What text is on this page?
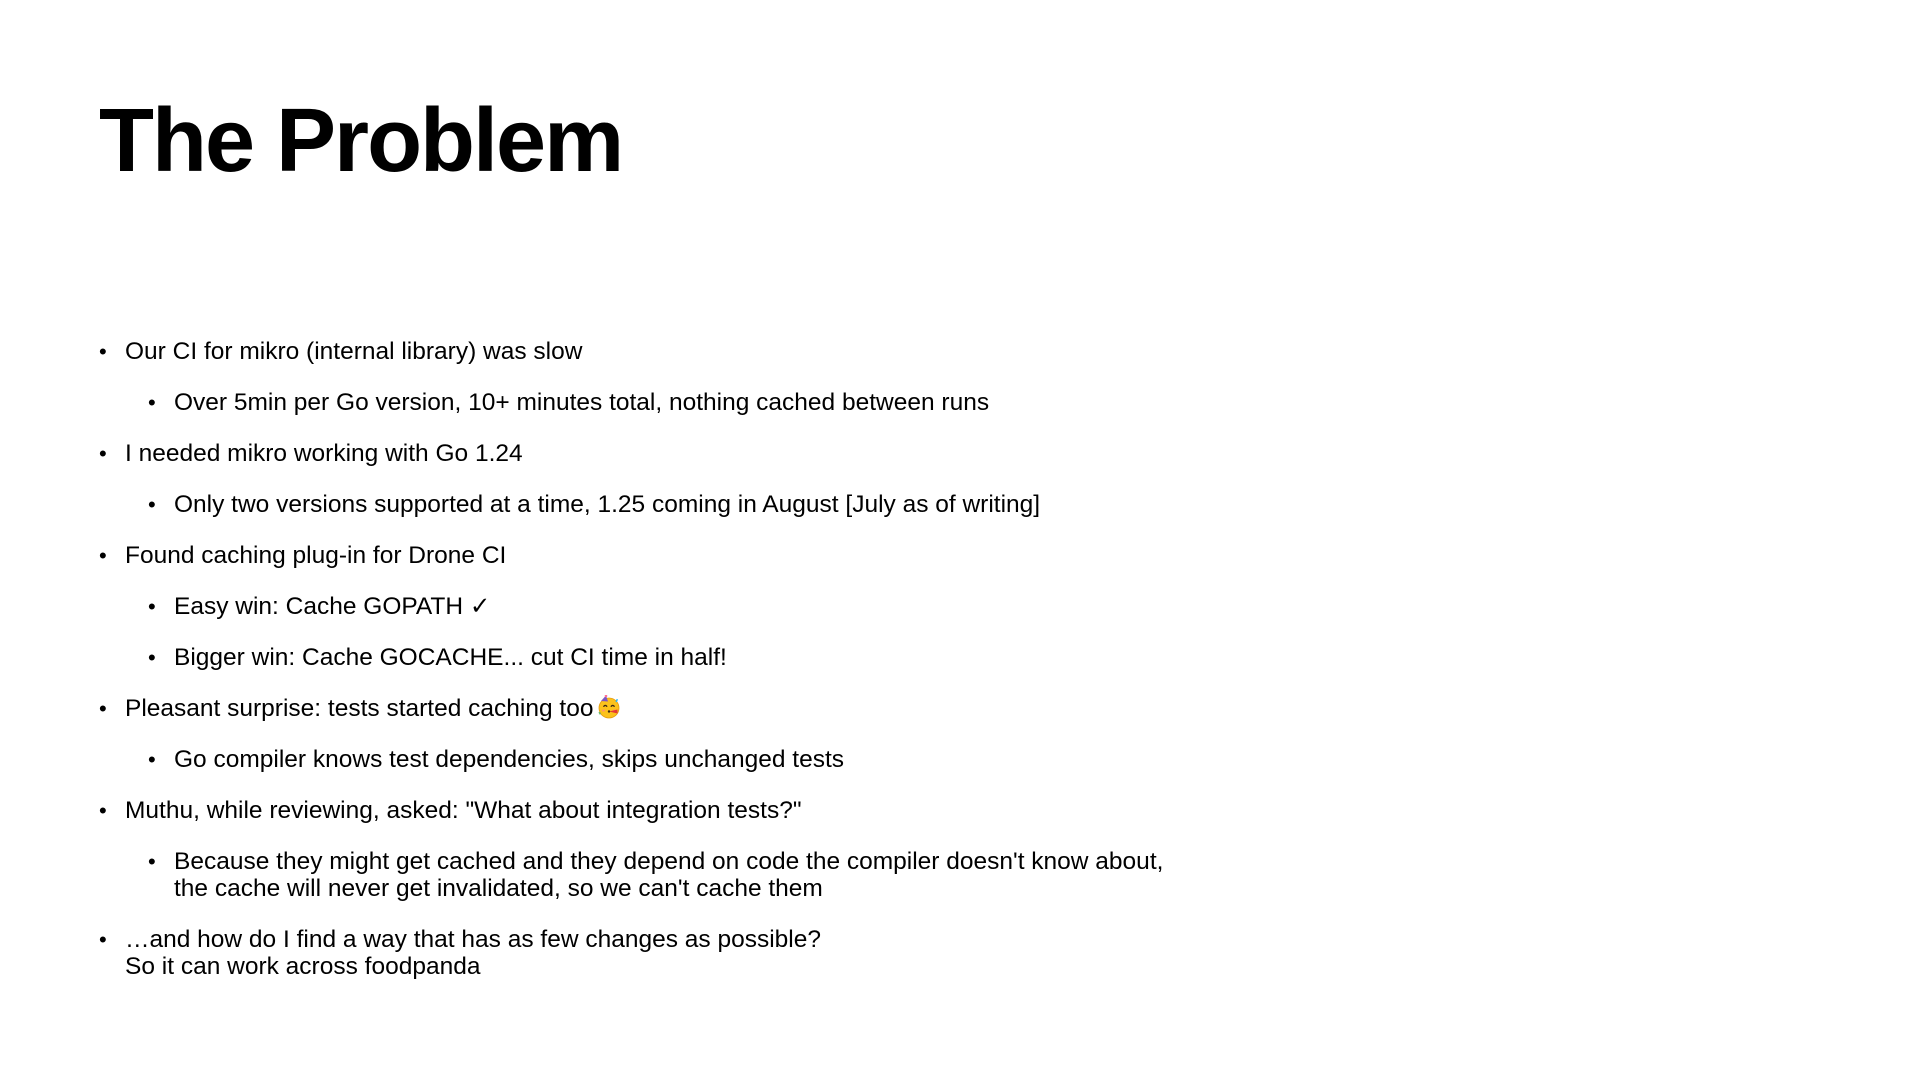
The Problem
• Our CI for mikro (internal library) was slow
• Over 5min per Go version, 10+ minutes total, nothing cached between runs
• I needed mikro working with Go 1.24
• Only two versions supported at a time, 1.25 coming in August [July as of writing]
• Found caching plug-in for Drone CI
• Easy win: Cache GOPATH ✓
• Bigger win: Cache GOCACHE... cut CI time in half!
• Pleasant surprise: tests started caching too
• Go compiler knows test dependencies, skips unchanged tests
• Muthu, while reviewing, asked: "What about integration tests?"
• Because they might get cached and they depend on code the compiler doesn't know about,
the cache will never get invalidated, so we can't cache them
• …and how do I find a way that has as few changes as possible?
So it can work across foodpanda
